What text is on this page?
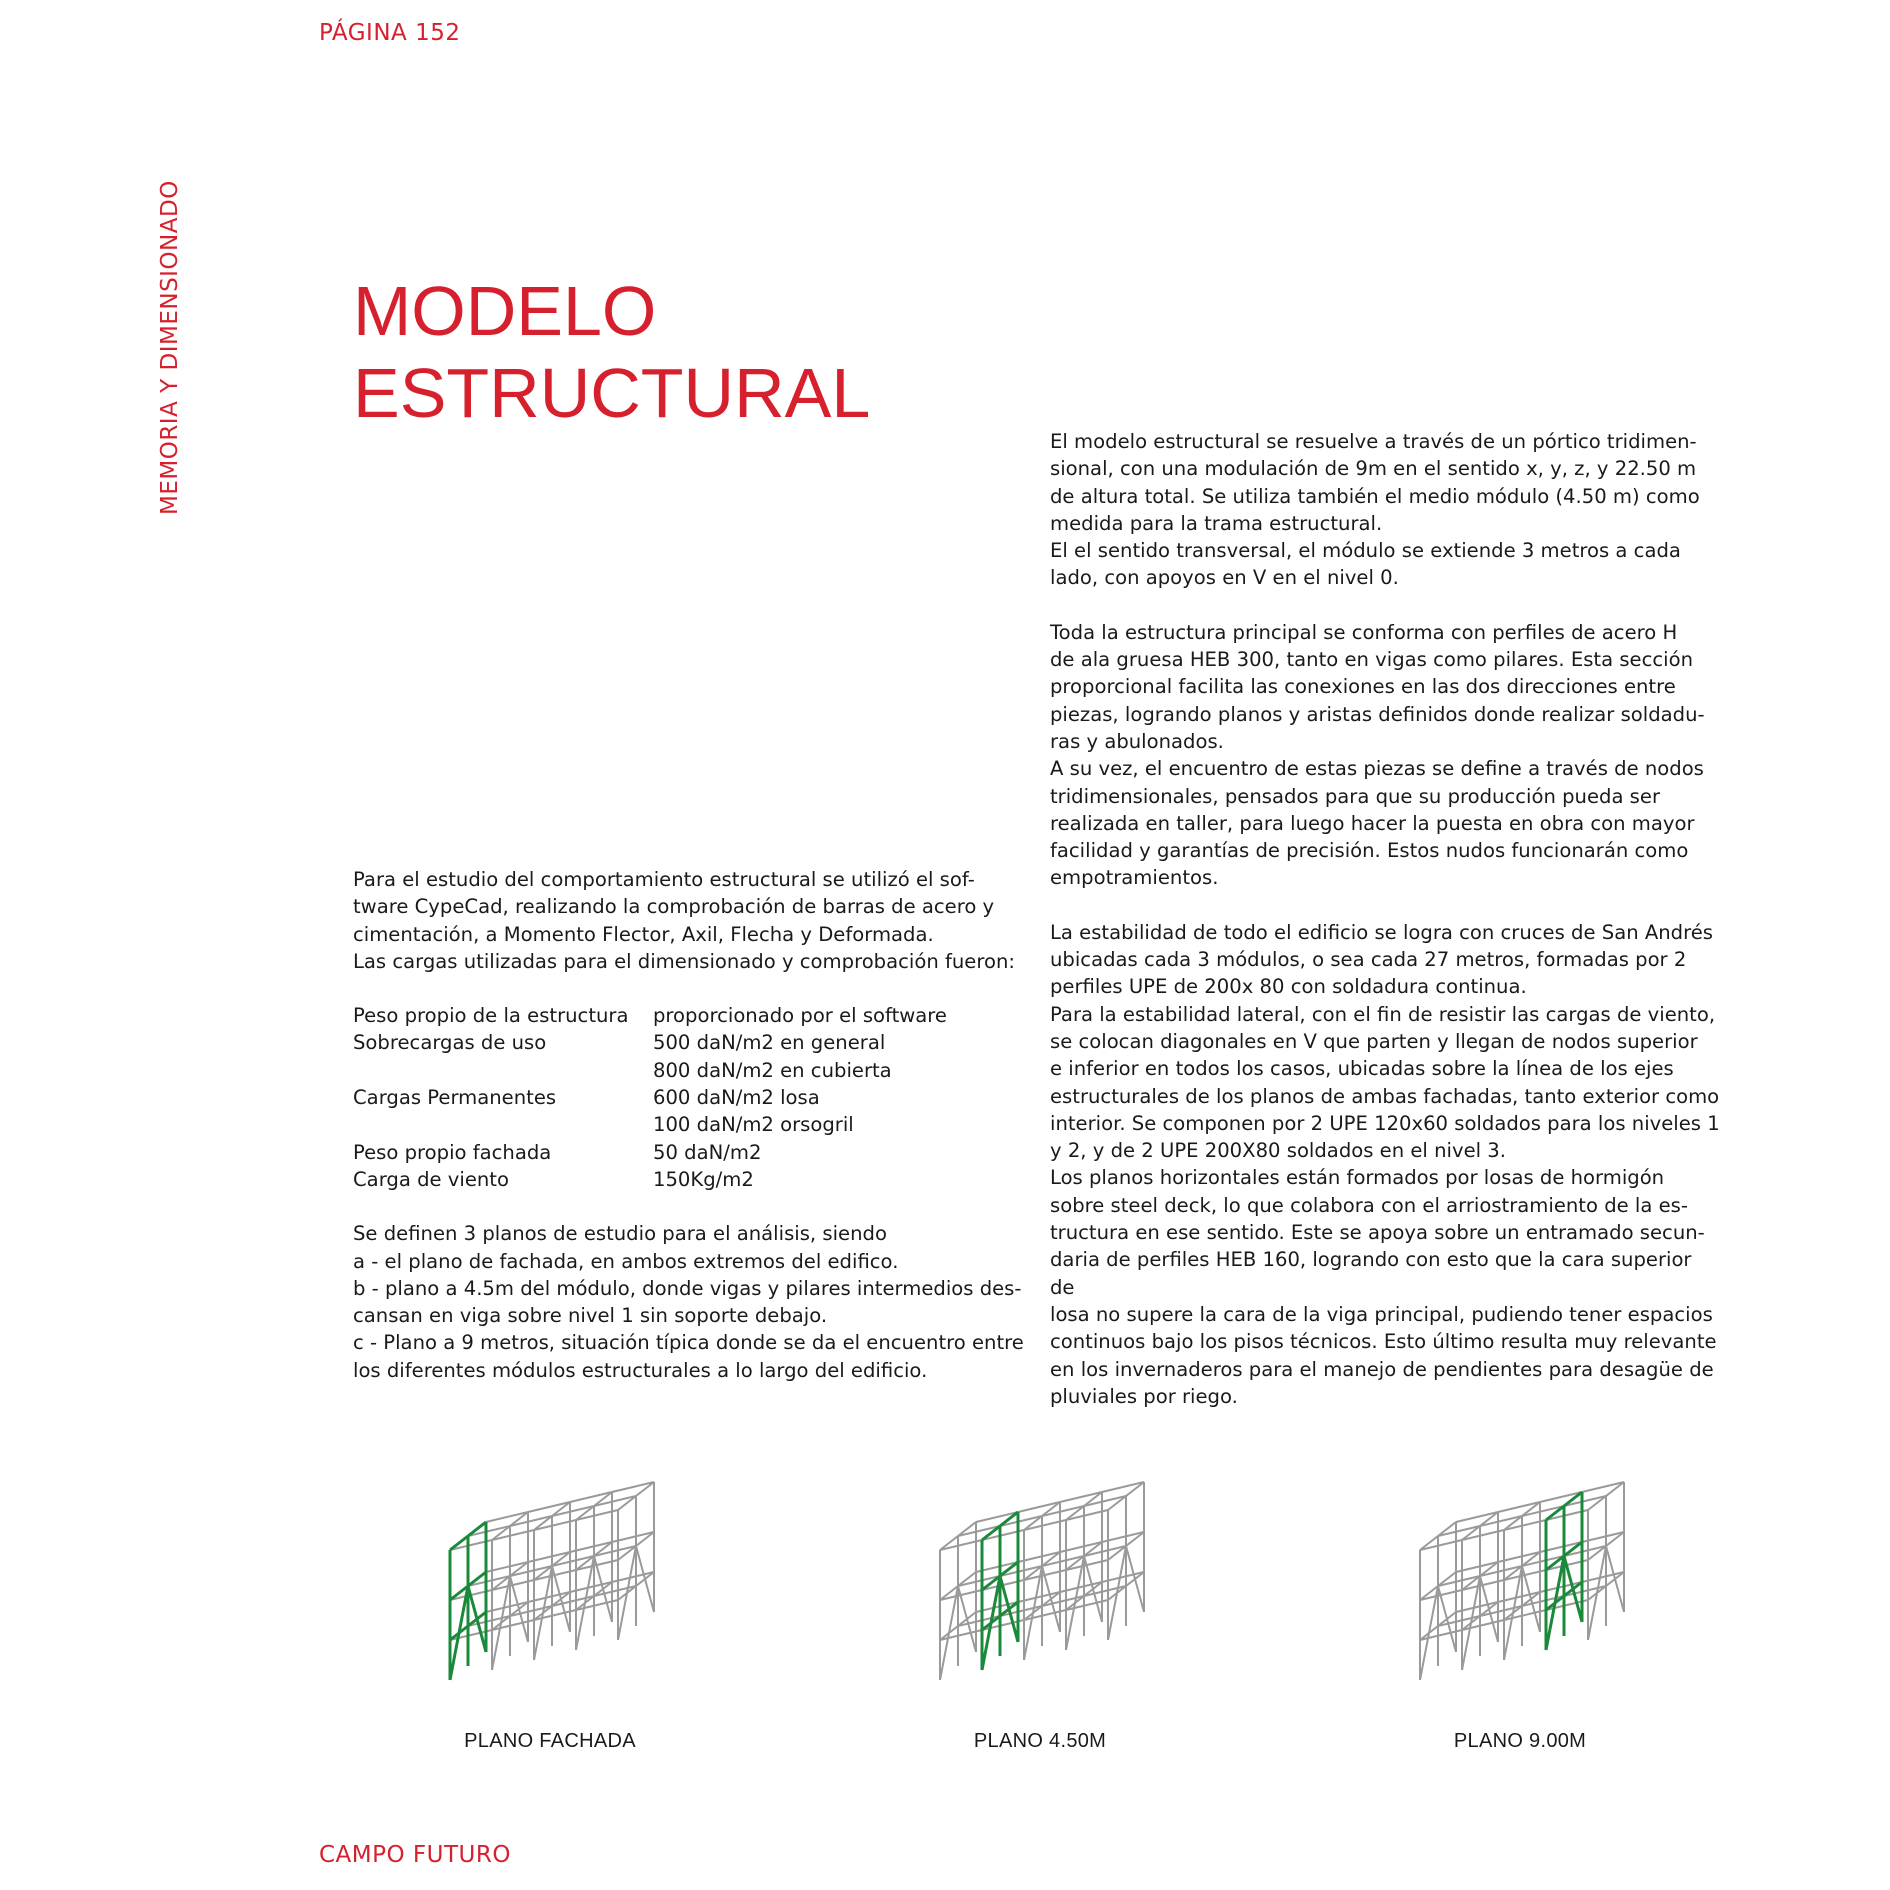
PÁGINA 152
MEMORIA Y DIMENSIONADO MODELO
ESTRUCTURAL

Para el estudio del comportamiento estructural se utilizó el sof-

tware CypeCad, realizando la comprobación de barras de acero y

cimentación, a Momento Flector, Axil, Flecha y Deformada.

Las cargas utilizadas para el dimensionado y comprobación fueron:

Peso propio de la estructura	proporcionado por el software
Sobrecargas de uso	500 daN/m2 en general
	800 daN/m2 en cubierta
Cargas Permanentes	600 daN/m2 losa
	100 daN/m2 orsogril
Peso propio fachada	50 daN/m2
Carga de viento	150Kg/m2

Se definen 3 planos de estudio para el análisis, siendo

a - el plano de fachada, en ambos extremos del edifico.

b - plano a 4.5m del módulo, donde vigas y pilares intermedios des-

cansan en viga sobre nivel 1 sin soporte debajo.

c - Plano a 9 metros, situación típica donde se da el encuentro entre

los diferentes módulos estructurales a lo largo del edificio.

El modelo estructural se resuelve a través de un pórtico tridimen-

sional, con una modulación de 9m en el sentido x, y, z, y 22.50 m

de altura total. Se utiliza también el medio módulo (4.50 m) como

medida para la trama estructural.

El el sentido transversal, el módulo se extiende 3 metros a cada

lado, con apoyos en V en el nivel 0.

Toda la estructura principal se conforma con perfiles de acero H

de ala gruesa HEB 300, tanto en vigas como pilares. Esta sección

proporcional facilita las conexiones en las dos direcciones entre

piezas, logrando planos y aristas definidos donde realizar soldadu-

ras y abulonados.

A su vez, el encuentro de estas piezas se define a través de nodos

tridimensionales, pensados para que su producción pueda ser

realizada en taller, para luego hacer la puesta en obra con mayor

facilidad y garantías de precisión. Estos nudos funcionarán como

empotramientos.

La estabilidad de todo el edificio se logra con cruces de San Andrés

ubicadas cada 3 módulos, o sea cada 27 metros, formadas por 2

perfiles UPE de 200x 80 con soldadura continua.

Para la estabilidad lateral, con el fin de resistir las cargas de viento,

se colocan diagonales en V que parten y llegan de nodos superior

e inferior en todos los casos, ubicadas sobre la línea de los ejes

estructurales de los planos de ambas fachadas, tanto exterior como

interior. Se componen por 2 UPE 120x60 soldados para los niveles 1

y 2, y de 2 UPE 200X80 soldados en el nivel 3.

Los planos horizontales están formados por losas de hormigón

sobre steel deck, lo que colabora con el arriostramiento de la es-

tructura en ese sentido. Este se apoya sobre un entramado secun-

daria de perfiles HEB 160, logrando con esto que la cara superior de

losa no supere la cara de la viga principal, pudiendo tener espacios

continuos bajo los pisos técnicos. Esto último resulta muy relevante

en los invernaderos para el manejo de pendientes para desagüe de

pluviales por riego.

PLANO FACHADA	PLANO 4.50M	PLANO 9.00M
CAMPO FUTURO
